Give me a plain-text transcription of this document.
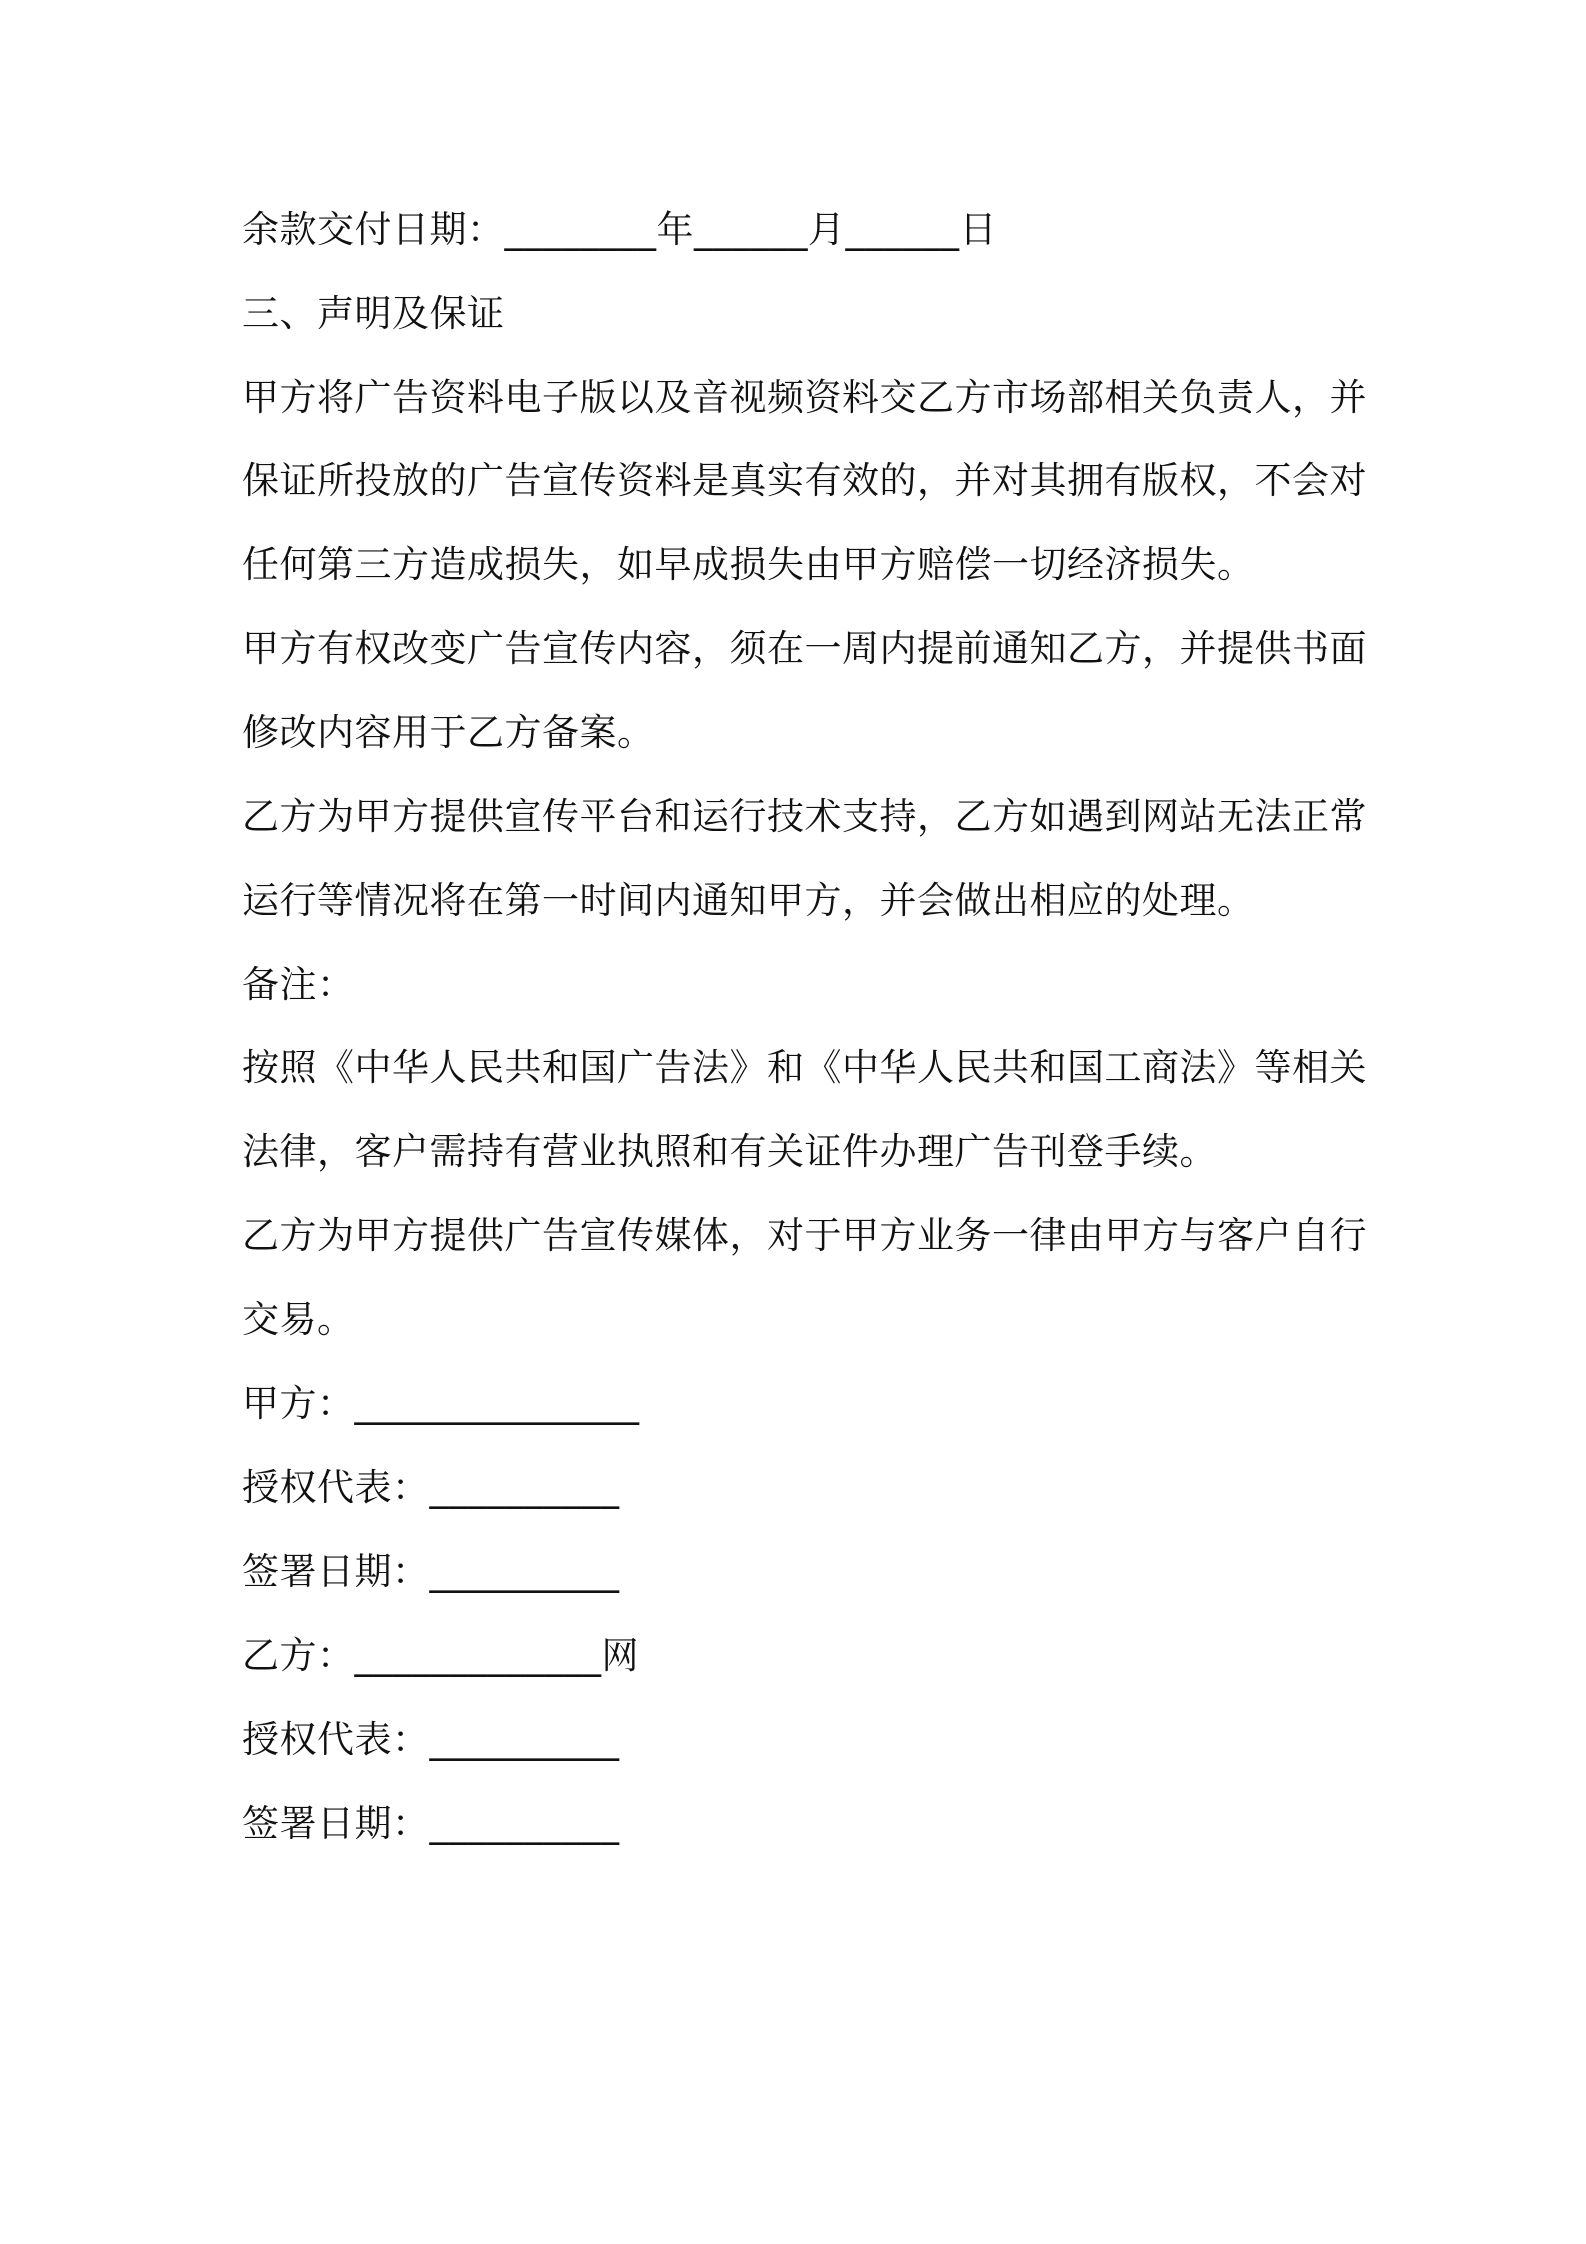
余款交付日期：________年______月______日
三、声明及保证
甲方将广告资料电子版以及音视频资料交乙方市场部相关负责人，并
保证所投放的广告宣传资料是真实有效的，并对其拥有版权，不会对
任何第三方造成损失，如早成损失由甲方赔偿一切经济损失。
甲方有权改变广告宣传内容，须在一周内提前通知乙方，并提供书面
修改内容用于乙方备案。
乙方为甲方提供宣传平台和运行技术支持，乙方如遇到网站无法正常
运行等情况将在第一时间内通知甲方，并会做出相应的处理。
备注：
按照《中华人民共和国广告法》和《中华人民共和国工商法》等相关
法律，客户需持有营业执照和有关证件办理广告刊登手续。
乙方为甲方提供广告宣传媒体，对于甲方业务一律由甲方与客户自行
交易。
甲方：_______________
授权代表：__________
签署日期：__________
乙方：_____________网
授权代表：__________
签署日期：__________
